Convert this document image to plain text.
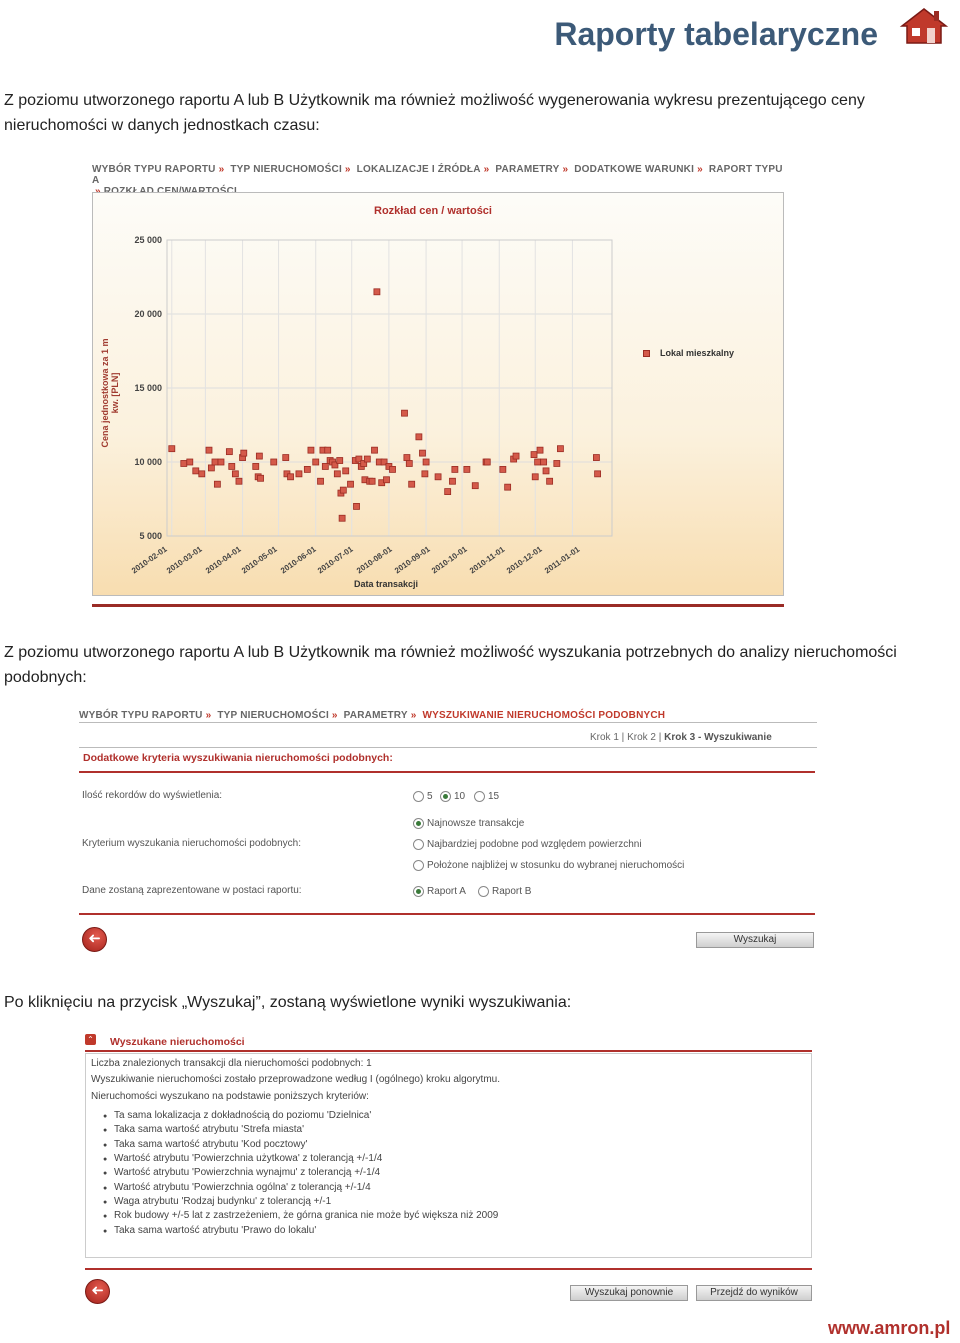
Raporty tabelaryczne
Z poziomu utworzonego raportu A lub B Użytkownik ma również możliwość wygenerowania wykresu prezentującego ceny nieruchomości w danych jednostkach czasu:
WYBÓR TYPU RAPORTU » TYP NIERUCHOMOŚCI » LOKALIZACJE I ŹRÓDŁA » PARAMETRY » DODATKOWE WARUNKI » RAPORT TYPU A

Rozkład cen / wartości
Cena jednostkowa za 1 m kw. [PLN]
25 000
20 000
15 000
10 000
5 000
2010-02-01
2010-03-01 2010-04-01
2010-05-01 2010-06-01
2010-07-01 2010-08-01 2010-09-01
2010-10-01 2010-11-01
2010-12-01 2011-01-01
Data transakcji
Lokal mieszkalny
Z poziomu utworzonego raportu A lub B Użytkownik ma również możliwość wyszukania potrzebnych do analizy nieruchomości podobnych:
WYBÓR TYPU RAPORTU » TYP NIERUCHOMOŚCI » PARAMETRY » WYSZUKIWANIE NIERUCHOMOŚCI PODOBNYCH
Krok 1 | Krok 2 | Krok 3 - Wyszukiwanie
Dodatkowe kryteria wyszukiwania nieruchomości podobnych:
Ilość rekordów do wyświetlenia:	5 10 15
Kryterium wyszukania nieruchomości podobnych:
Najnowsze transakcje
Najbardziej podobne pod względem powierzchni
Położone najbliżej w stosunku do wybranej nieruchomości
Dane zostaną zaprezentowane w postaci raportu:	Raport A	Raport B
➜	Wyszukaj
Po kliknięciu na przycisk „Wyszukaj”, zostaną wyświetlone wyniki wyszukiwania:
⌃ Wyszukane nieruchomości
Liczba znalezionych transakcji dla nieruchomości podobnych: 1
Wyszukiwanie nieruchomości zostało przeprowadzone według I (ogólnego) kroku algorytmu.
Nieruchomości wyszukano na podstawie poniższych kryteriów:
● Ta sama lokalizacja z dokładnością do poziomu 'Dzielnica'
● Taka sama wartość atrybutu 'Strefa miasta'
● Taka sama wartość atrybutu 'Kod pocztowy'
● Wartość atrybutu 'Powierzchnia użytkowa' z tolerancją +/-1/4
● Wartość atrybutu 'Powierzchnia wynajmu' z tolerancją +/-1/4
● Wartość atrybutu 'Powierzchnia ogólna' z tolerancją +/-1/4
● Waga atrybutu 'Rodzaj budynku' z tolerancją +/-1
● Rok budowy +/-5 lat z zastrzeżeniem, że górna granica nie może być większa niż 2009
● Taka sama wartość atrybutu 'Prawo do lokalu'
➜	Wyszukaj ponownie	Przejdź do wyników
www.amron.pl
